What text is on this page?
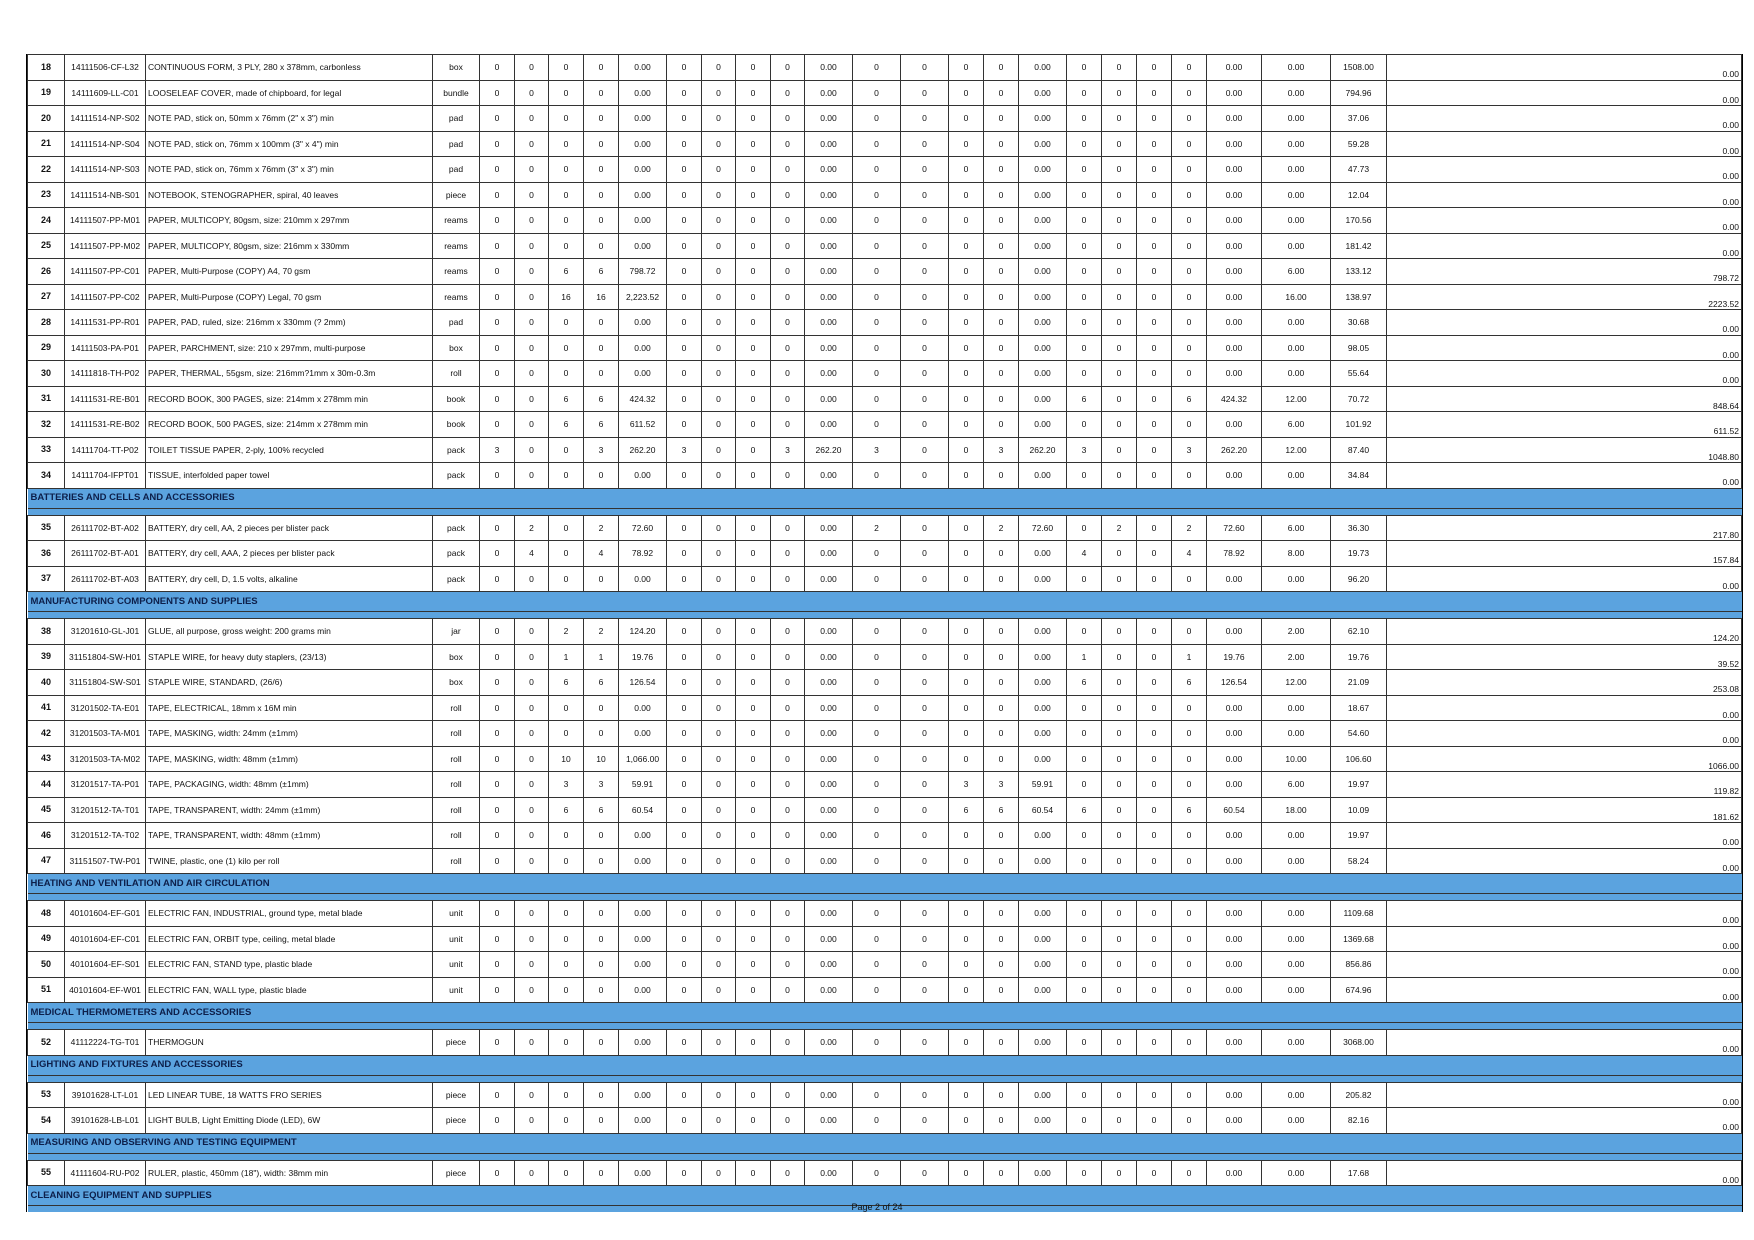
18	14111506-CF-L32	CONTINUOUS FORM, 3 PLY, 280 x 378mm, carbonless	box	0	0	0	0	0.00	0	0	0	0	0.00	0	0	0	0	0.00	0	0	0	0	0.00	0.00	1508.00	0.00
19	14111609-LL-C01	LOOSELEAF COVER, made of chipboard, for legal	bundle	0	0	0	0	0.00	0	0	0	0	0.00	0	0	0	0	0.00	0	0	0	0	0.00	0.00	794.96	0.00
20	14111514-NP-S02	NOTE PAD, stick on, 50mm x 76mm (2" x 3") min	pad	0	0	0	0	0.00	0	0	0	0	0.00	0	0	0	0	0.00	0	0	0	0	0.00	0.00	37.06	0.00
21	14111514-NP-S04	NOTE PAD, stick on, 76mm x 100mm (3" x 4") min	pad	0	0	0	0	0.00	0	0	0	0	0.00	0	0	0	0	0.00	0	0	0	0	0.00	0.00	59.28	0.00
22	14111514-NP-S03	NOTE PAD, stick on, 76mm x 76mm (3" x 3") min	pad	0	0	0	0	0.00	0	0	0	0	0.00	0	0	0	0	0.00	0	0	0	0	0.00	0.00	47.73	0.00
23	14111514-NB-S01	NOTEBOOK, STENOGRAPHER, spiral, 40 leaves	piece	0	0	0	0	0.00	0	0	0	0	0.00	0	0	0	0	0.00	0	0	0	0	0.00	0.00	12.04	0.00
24	14111507-PP-M01	PAPER, MULTICOPY, 80gsm, size: 210mm x 297mm	reams	0	0	0	0	0.00	0	0	0	0	0.00	0	0	0	0	0.00	0	0	0	0	0.00	0.00	170.56	0.00
25	14111507-PP-M02	PAPER, MULTICOPY, 80gsm, size: 216mm x 330mm	reams	0	0	0	0	0.00	0	0	0	0	0.00	0	0	0	0	0.00	0	0	0	0	0.00	0.00	181.42	0.00
26	14111507-PP-C01	PAPER, Multi-Purpose (COPY) A4, 70 gsm	reams	0	0	6	6	798.72	0	0	0	0	0.00	0	0	0	0	0.00	0	0	0	0	0.00	6.00	133.12	798.72
27	14111507-PP-C02	PAPER, Multi-Purpose (COPY) Legal, 70 gsm	reams	0	0	16	16	2,223.52	0	0	0	0	0.00	0	0	0	0	0.00	0	0	0	0	0.00	16.00	138.97	2223.52
28	14111531-PP-R01	PAPER, PAD, ruled, size: 216mm x 330mm (? 2mm)	pad	0	0	0	0	0.00	0	0	0	0	0.00	0	0	0	0	0.00	0	0	0	0	0.00	0.00	30.68	0.00
29	14111503-PA-P01	PAPER, PARCHMENT, size: 210 x 297mm, multi-purpose	box	0	0	0	0	0.00	0	0	0	0	0.00	0	0	0	0	0.00	0	0	0	0	0.00	0.00	98.05	0.00
30	14111818-TH-P02	PAPER, THERMAL, 55gsm, size: 216mm?1mm x 30m-0.3m	roll	0	0	0	0	0.00	0	0	0	0	0.00	0	0	0	0	0.00	0	0	0	0	0.00	0.00	55.64	0.00
31	14111531-RE-B01	RECORD BOOK, 300 PAGES, size: 214mm x 278mm min	book	0	0	6	6	424.32	0	0	0	0	0.00	0	0	0	0	0.00	6	0	0	6	424.32	12.00	70.72	848.64
32	14111531-RE-B02	RECORD BOOK, 500 PAGES, size: 214mm x 278mm min	book	0	0	6	6	611.52	0	0	0	0	0.00	0	0	0	0	0.00	0	0	0	0	0.00	6.00	101.92	611.52
33	14111704-TT-P02	TOILET TISSUE PAPER, 2-ply, 100% recycled	pack	3	0	0	3	262.20	3	0	0	3	262.20	3	0	0	3	262.20	3	0	0	3	262.20	12.00	87.40	1048.80
34	14111704-IFPT01	TISSUE, interfolded paper towel	pack	0	0	0	0	0.00	0	0	0	0	0.00	0	0	0	0	0.00	0	0	0	0	0.00	0.00	34.84	0.00
BATTERIES AND CELLS AND ACCESSORIES																										

35	26111702-BT-A02	BATTERY, dry cell, AA, 2 pieces per blister pack	pack	0	2	0	2	72.60	0	0	0	0	0.00	2	0	0	2	72.60	0	2	0	2	72.60	6.00	36.30	217.80
36	26111702-BT-A01	BATTERY, dry cell, AAA, 2 pieces per blister pack	pack	0	4	0	4	78.92	0	0	0	0	0.00	0	0	0	0	0.00	4	0	0	4	78.92	8.00	19.73	157.84
37	26111702-BT-A03	BATTERY, dry cell, D, 1.5 volts, alkaline	pack	0	0	0	0	0.00	0	0	0	0	0.00	0	0	0	0	0.00	0	0	0	0	0.00	0.00	96.20	0.00
MANUFACTURING COMPONENTS AND SUPPLIES																										

38	31201610-GL-J01	GLUE, all purpose, gross weight: 200 grams min	jar	0	0	2	2	124.20	0	0	0	0	0.00	0	0	0	0	0.00	0	0	0	0	0.00	2.00	62.10	124.20
39	31151804-SW-H01	STAPLE WIRE, for heavy duty staplers, (23/13)	box	0	0	1	1	19.76	0	0	0	0	0.00	0	0	0	0	0.00	1	0	0	1	19.76	2.00	19.76	39.52
40	31151804-SW-S01	STAPLE WIRE, STANDARD, (26/6)	box	0	0	6	6	126.54	0	0	0	0	0.00	0	0	0	0	0.00	6	0	0	6	126.54	12.00	21.09	253.08
41	31201502-TA-E01	TAPE, ELECTRICAL, 18mm x 16M min	roll	0	0	0	0	0.00	0	0	0	0	0.00	0	0	0	0	0.00	0	0	0	0	0.00	0.00	18.67	0.00
42	31201503-TA-M01	TAPE, MASKING, width: 24mm (±1mm)	roll	0	0	0	0	0.00	0	0	0	0	0.00	0	0	0	0	0.00	0	0	0	0	0.00	0.00	54.60	0.00
43	31201503-TA-M02	TAPE, MASKING, width: 48mm (±1mm)	roll	0	0	10	10	1,066.00	0	0	0	0	0.00	0	0	0	0	0.00	0	0	0	0	0.00	10.00	106.60	1066.00
44	31201517-TA-P01	TAPE, PACKAGING, width: 48mm (±1mm)	roll	0	0	3	3	59.91	0	0	0	0	0.00	0	0	3	3	59.91	0	0	0	0	0.00	6.00	19.97	119.82
45	31201512-TA-T01	TAPE, TRANSPARENT, width: 24mm (±1mm)	roll	0	0	6	6	60.54	0	0	0	0	0.00	0	0	6	6	60.54	6	0	0	6	60.54	18.00	10.09	181.62
46	31201512-TA-T02	TAPE, TRANSPARENT, width: 48mm (±1mm)	roll	0	0	0	0	0.00	0	0	0	0	0.00	0	0	0	0	0.00	0	0	0	0	0.00	0.00	19.97	0.00
47	31151507-TW-P01	TWINE, plastic, one (1) kilo per roll	roll	0	0	0	0	0.00	0	0	0	0	0.00	0	0	0	0	0.00	0	0	0	0	0.00	0.00	58.24	0.00
HEATING AND VENTILATION AND AIR CIRCULATION																										

48	40101604-EF-G01	ELECTRIC FAN, INDUSTRIAL, ground type, metal blade	unit	0	0	0	0	0.00	0	0	0	0	0.00	0	0	0	0	0.00	0	0	0	0	0.00	0.00	1109.68	0.00
49	40101604-EF-C01	ELECTRIC FAN, ORBIT type, ceiling, metal blade	unit	0	0	0	0	0.00	0	0	0	0	0.00	0	0	0	0	0.00	0	0	0	0	0.00	0.00	1369.68	0.00
50	40101604-EF-S01	ELECTRIC FAN, STAND type, plastic blade	unit	0	0	0	0	0.00	0	0	0	0	0.00	0	0	0	0	0.00	0	0	0	0	0.00	0.00	856.86	0.00
51	40101604-EF-W01	ELECTRIC FAN, WALL type, plastic blade	unit	0	0	0	0	0.00	0	0	0	0	0.00	0	0	0	0	0.00	0	0	0	0	0.00	0.00	674.96	0.00
MEDICAL THERMOMETERS AND ACCESSORIES																										

52	41112224-TG-T01	THERMOGUN	piece	0	0	0	0	0.00	0	0	0	0	0.00	0	0	0	0	0.00	0	0	0	0	0.00	0.00	3068.00	0.00
LIGHTING AND FIXTURES AND ACCESSORIES																										

53	39101628-LT-L01	LED LINEAR TUBE, 18 WATTS FRO SERIES	piece	0	0	0	0	0.00	0	0	0	0	0.00	0	0	0	0	0.00	0	0	0	0	0.00	0.00	205.82	0.00
54	39101628-LB-L01	LIGHT BULB, Light Emitting Diode (LED), 6W	piece	0	0	0	0	0.00	0	0	0	0	0.00	0	0	0	0	0.00	0	0	0	0	0.00	0.00	82.16	0.00
MEASURING AND OBSERVING AND TESTING EQUIPMENT																										

55	41111604-RU-P02	RULER, plastic, 450mm (18"), width: 38mm min	piece	0	0	0	0	0.00	0	0	0	0	0.00	0	0	0	0	0.00	0	0	0	0	0.00	0.00	17.68	0.00
CLEANING EQUIPMENT AND SUPPLIES																										

Page 2 of 24
